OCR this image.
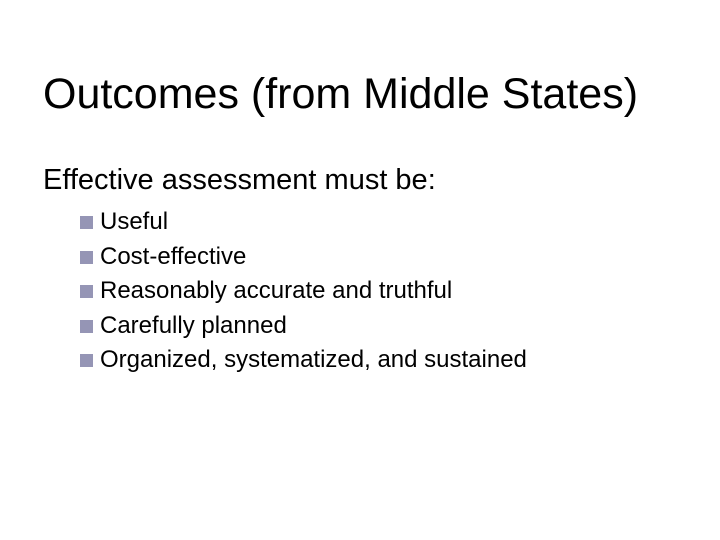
Outcomes (from Middle States)
Effective assessment must be:
Useful
Cost-effective
Reasonably accurate and truthful
Carefully planned
Organized, systematized, and sustained
